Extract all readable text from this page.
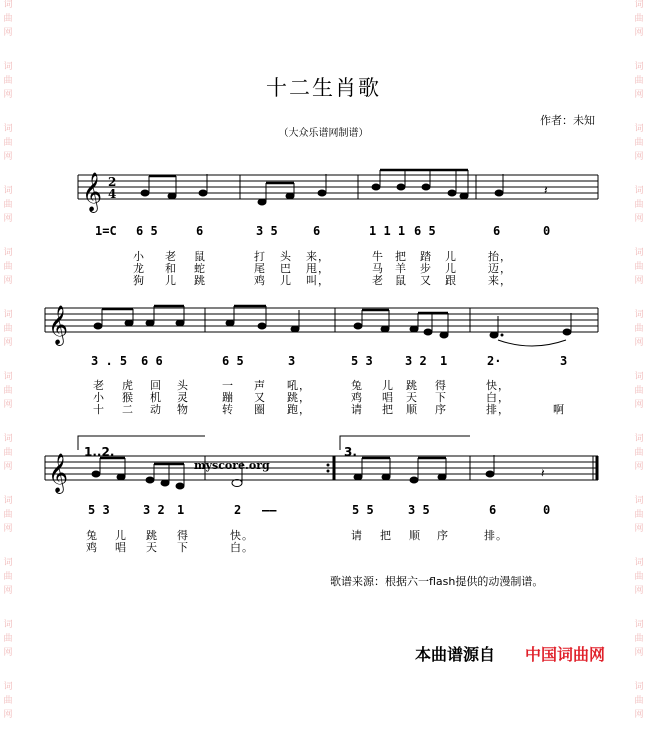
词
曲
网
词
曲
网
词
曲
网
词
曲
网
词
曲
网
词
曲
网
词
曲
网
词
曲
网
词
曲
网
词
曲
网
词
曲
网
词
曲
网
词
曲
网
词
曲
网
词
曲
网
词
曲
网
词
曲
网
词
曲
网
词
曲
网
词
曲
网
词
曲
网
词
曲
网
词
曲
网
词
曲
网
十二生肖歌
（大众乐谱网制谱）
作者：未知
𝄞 2
4	𝄽
𝄞
𝄞
1..2.	3.
𝄽
myscore.org
1=C 6 5	6	3 5	6	1 1 1 6 5	6	0
小 老 鼠	打 头 来，	牛 把 踏 儿	抬，
龙 和 蛇	尾 巴 甩，	马 羊 步 儿	迈，
狗 儿 跳	鸡 儿 叫，	老 鼠 又 跟	来，
3 . 5 6 6	6 5	3	5 3	3 2 1	2·	3
老 虎 回 头	一 声 吼，	兔 儿 跳 得	快，
小 猴 机 灵	蹦 又 跳，	鸡 唱 天 下	白，
十 二 动 物	转 圈 跑，	请 把 顺 序	排，	啊
5 3	3 2 1	2 ——	5 5	3 5	6	0
兔 儿 跳 得	快。	请 把 顺 序	排。
鸡 唱 天 下	白。
歌谱来源：根据六一flash提供的动漫制谱。
本曲谱源自 中国词曲网
